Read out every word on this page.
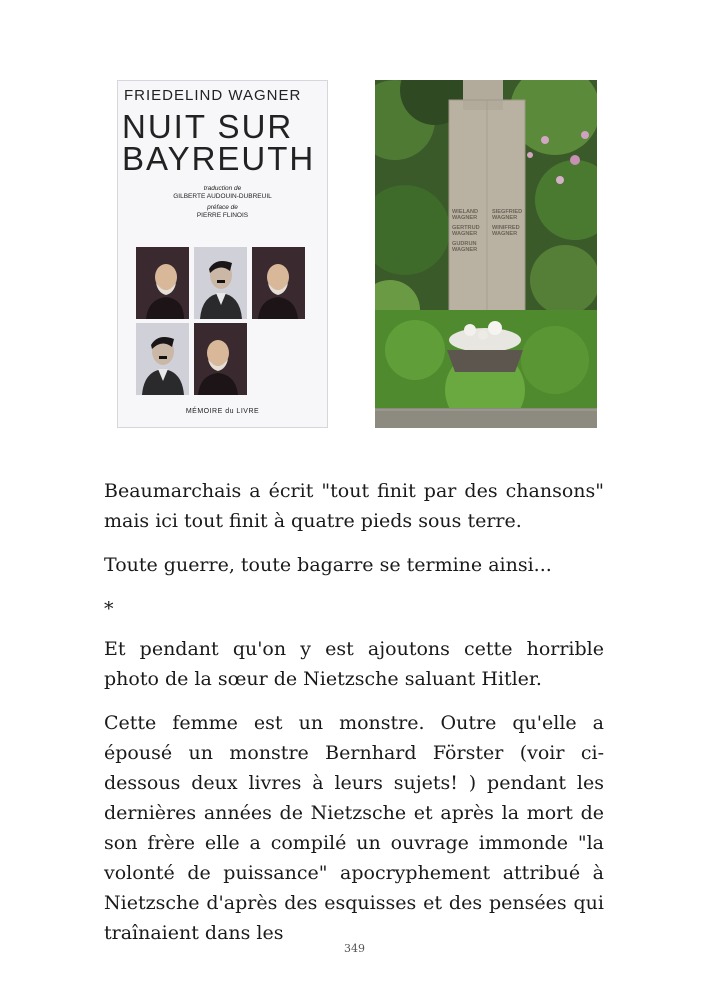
FRIEDELIND WAGNER
NUIT SUR
BAYREUTH
traduction de
GILBERTE AUDOUIN-DUBREUIL
préface de
PIERRE FLINOIS
MÉMOIRE du LIVRE
WIELAND
WAGNER
GERTRUD
WAGNER
GUDRUN
WAGNER
SIEGFRIED
WAGNER
WINIFRED
WAGNER

Beaumarchais a écrit "tout finit par des chansons" mais ici tout finit à quatre pieds sous terre.

Toute guerre, toute bagarre se termine ainsi...

*

Et pendant qu'on y est ajoutons cette horrible photo de la sœur de Nietzsche saluant Hitler.

Cette femme est un monstre. Outre qu'elle a épousé un monstre Bernhard Förster (voir ci-dessous deux livres à leurs sujets! ) pendant les dernières années de Nietzsche et après la mort de son frère elle a compilé un ouvrage immonde "la volonté de puissance" apocryphement attribué à Nietzsche d'après des esquisses et des pensées qui traînaient dans les

349
